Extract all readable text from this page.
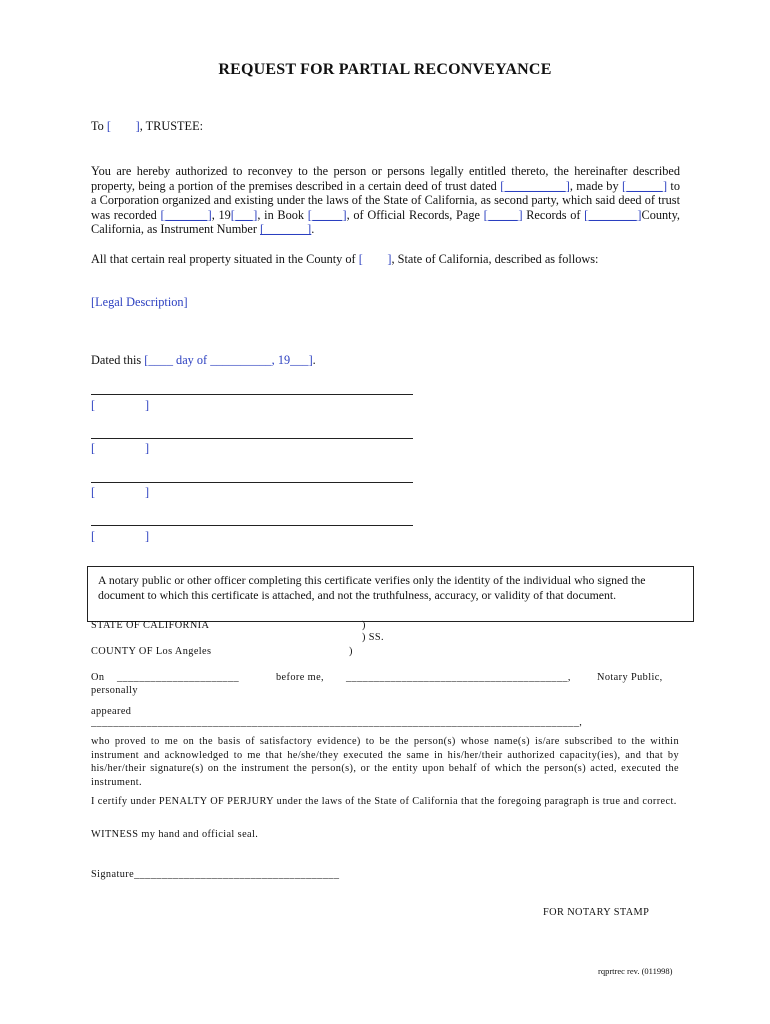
REQUEST FOR PARTIAL RECONVEYANCE
To [        ], TRUSTEE:
You are hereby authorized to reconvey to the person or persons legally entitled thereto, the hereinafter described property, being a portion of the premises described in a certain deed of trust dated [__________], made by [______] to a Corporation organized and existing under the laws of the State of California, as second party, which said deed of trust was recorded [_______], 19[___], in Book [_____], of Official Records, Page [_____] Records of [________]County, California, as Instrument Number [_______].
All that certain real property situated in the County of [        ], State of California, described as follows:
[Legal Description]
Dated this [____ day of __________, 19___].
[	]
[	]
[	]
[	]
A notary public or other officer completing this certificate verifies only the identity of the individual who signed the document to which this certificate is attached, and not the truthfulness, accuracy, or validity of that document.
STATE OF CALIFORNIA	)
) SS.
COUNTY OF Los Angeles	)
On ______________________	before me, ________________________________________,	Notary Public,
personally
appeared
________________________________________________________________________________________,
who proved to me on the basis of satisfactory evidence) to be the person(s) whose name(s) is/are subscribed to the within instrument and acknowledged to me that he/she/they executed the same in his/her/their authorized capacity(ies), and that by his/her/their signature(s) on the instrument the person(s), or the entity upon behalf of which the person(s) acted, executed the instrument.
I certify under PENALTY OF PERJURY under the laws of the State of California that the foregoing paragraph is true and correct.
WITNESS my hand and official seal.
Signature_____________________________________
FOR NOTARY STAMP
rqprtrec rev. (011998)
